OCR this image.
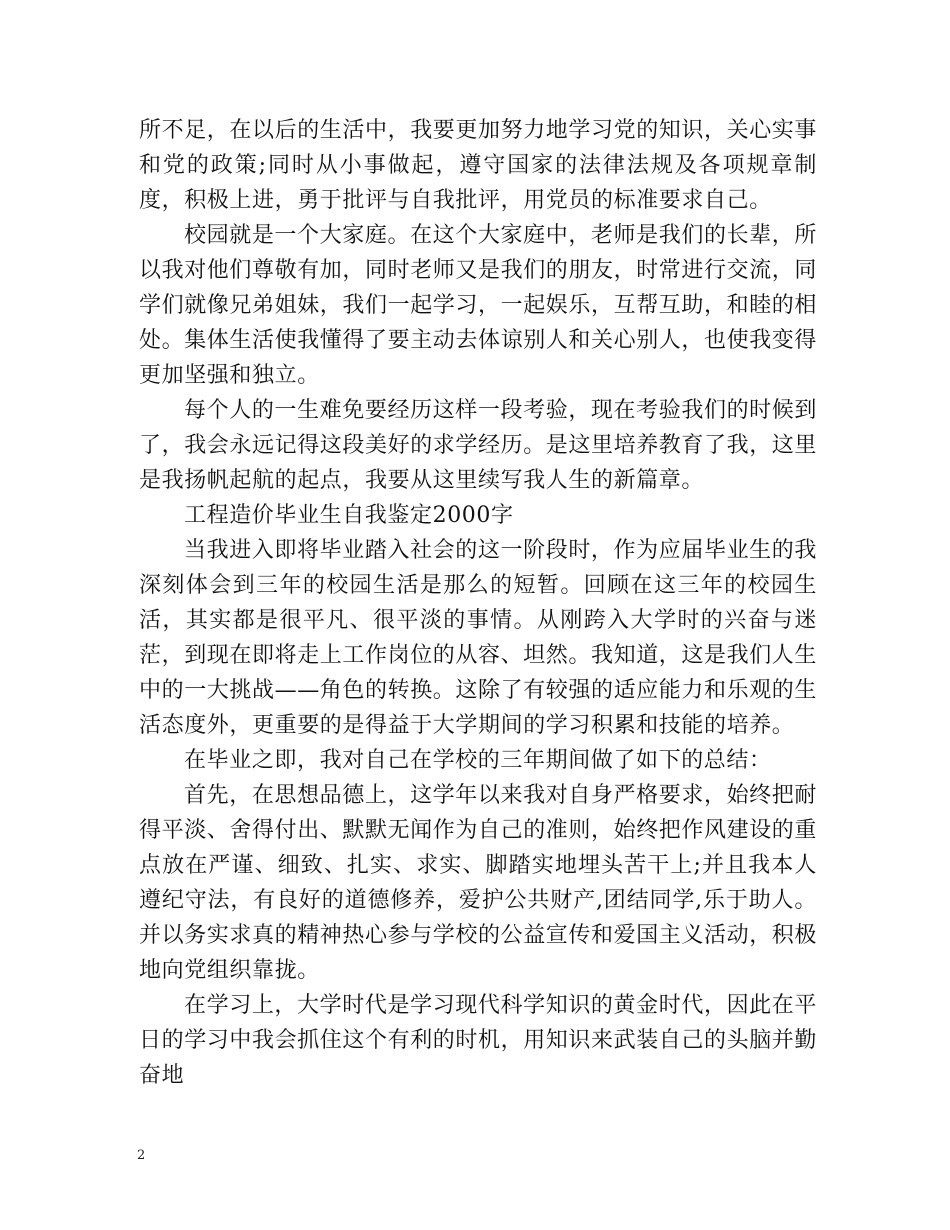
所不足，在以后的生活中，我要更加努力地学习党的知识，关心实事和党的政策;同时从小事做起，遵守国家的法律法规及各项规章制度，积极上进，勇于批评与自我批评，用党员的标准要求自己。

校园就是一个大家庭。在这个大家庭中，老师是我们的长辈，所以我对他们尊敬有加，同时老师又是我们的朋友，时常进行交流，同学们就像兄弟姐妹，我们一起学习，一起娱乐，互帮互助，和睦的相处。集体生活使我懂得了要主动去体谅别人和关心别人，也使我变得更加坚强和独立。

每个人的一生难免要经历这样一段考验，现在考验我们的时候到了，我会永远记得这段美好的求学经历。是这里培养教育了我，这里是我扬帆起航的起点，我要从这里续写我人生的新篇章。

工程造价毕业生自我鉴定2000字

当我进入即将毕业踏入社会的这一阶段时，作为应届毕业生的我深刻体会到三年的校园生活是那么的短暂。回顾在这三年的校园生活，其实都是很平凡、很平淡的事情。从刚跨入大学时的兴奋与迷茫，到现在即将走上工作岗位的从容、坦然。我知道，这是我们人生中的一大挑战——角色的转换。这除了有较强的适应能力和乐观的生活态度外，更重要的是得益于大学期间的学习积累和技能的培养。

在毕业之即，我对自己在学校的三年期间做了如下的总结：

首先，在思想品德上，这学年以来我对自身严格要求，始终把耐得平淡、舍得付出、默默无闻作为自己的准则，始终把作风建设的重点放在严谨、细致、扎实、求实、脚踏实地埋头苦干上;并且我本人遵纪守法，有良好的道德修养，爱护公共财产,团结同学,乐于助人。并以务实求真的精神热心参与学校的公益宣传和爱国主义活动，积极地向党组织靠拢。

在学习上，大学时代是学习现代科学知识的黄金时代，因此在平日的学习中我会抓住这个有利的时机，用知识来武装自己的头脑并勤奋地

2
